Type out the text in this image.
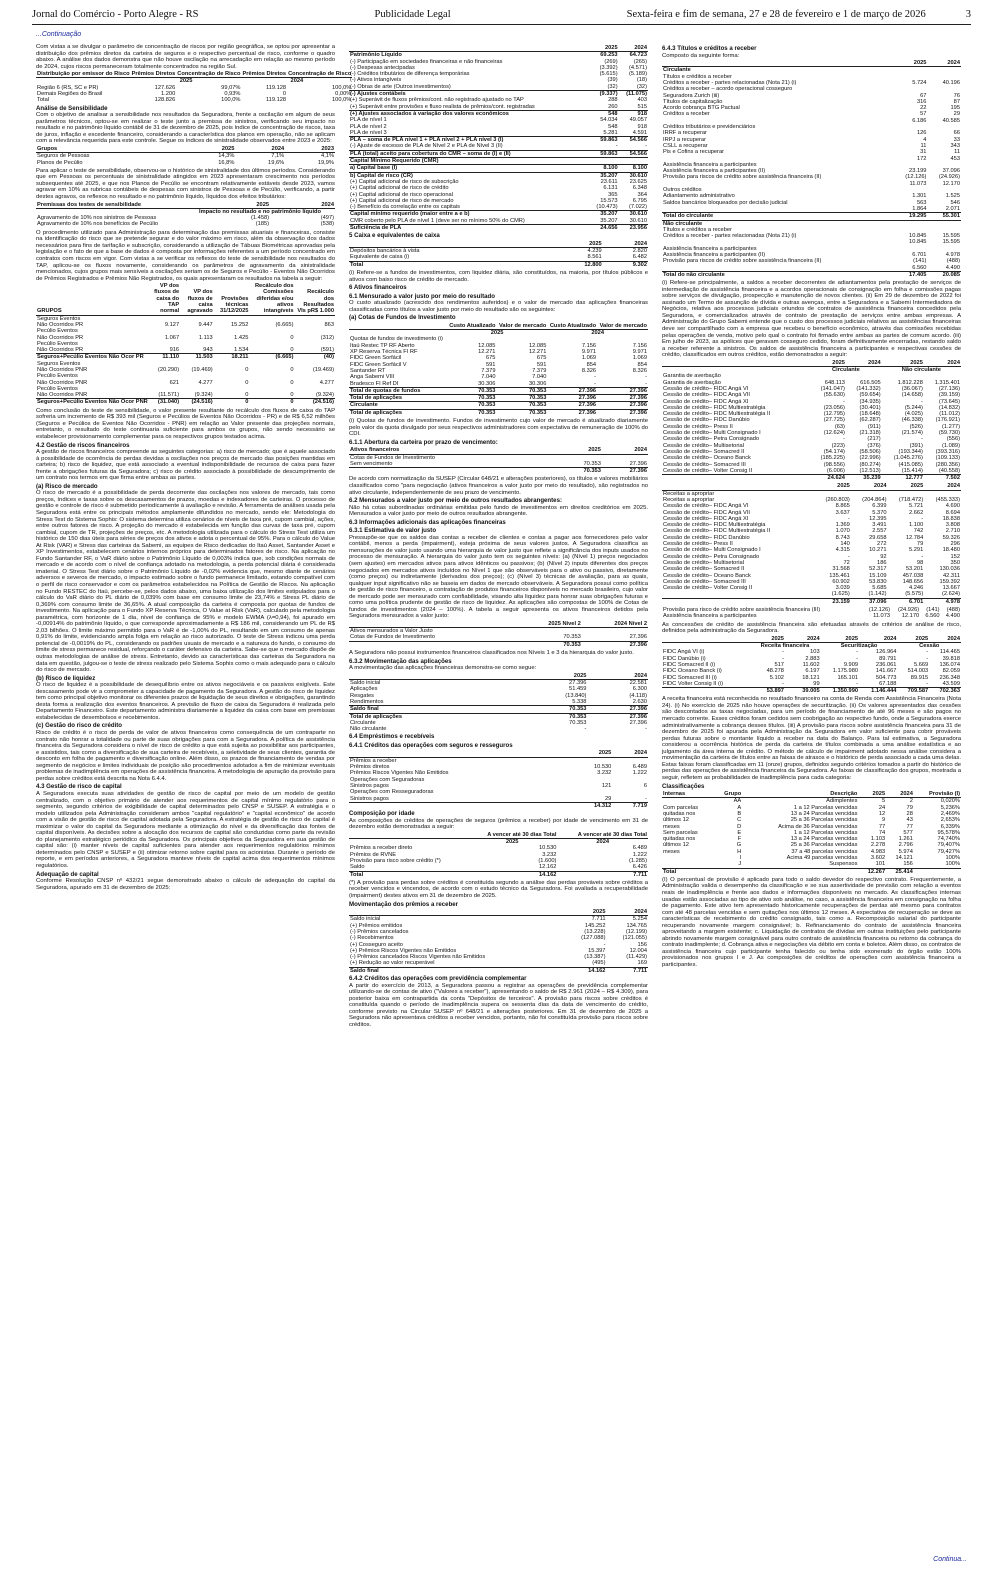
Jornal do Comércio - Porto Alegre - RS	Publicidade Legal	Sexta-feira e fim de semana, 27 e 28 de fevereiro e 1 de março de 2026	3
...Continuação

Com vistas a se divulgar o parâmetro de concentração de riscos por região geográfica, se optou por apresentar a distribuição dos prêmios diretos da carteira de seguros e o respectivo percentual de risco, conforme o quadro abaixo. A análise dos dados demonstra que não houve oscilação na arrecadação em relação ao mesmo período de 2024, cujos riscos permaneceram totalmente concentrados na região Sul.

	2025		2024	
Distribuição por emissor do Risco	Prêmios Diretos	Concentração de Risco	Prêmios Diretos	Concentração de Risco
Região 6 (RS, SC e PR)	127.626	99,07%	119.128	100,0%
Demais Regiões do Brasil	1.200	0,93%	0	0,00%
Total	128.826	100,0%	119.128	100,0%
Análise de Sensibilidade

Com o objetivo de analisar a sensibilidade nos resultados da Seguradora, frente a oscilação em algum de seus parâmetros técnicos, optou-se em realizar o teste junto a premissa de sinistros, verificando seu impacto no resultado e no patrimônio líquido contábil de 31 de dezembro de 2025, pois índice de concentração de riscos, taxa de juros, inflação e excedente financeiro, considerando a característica dos planos em operação, não se aplicam com a relevância requerida para este controle. Segue os índices de sinistralidade observados entre 2023 e 2025:

Grupos	2025	2024	2023
Seguros de Pessoas	14,3%	7,1%	4,1%
Planos de Pecúlio	16,8%	19,6%	19,9%

Para aplicar o teste de sensibilidade, observou-se o histórico de sinistralidade dos últimos períodos. Considerando que em Pessoas os percentuais de sinistralidade atingidos em 2023 apresentaram crescimento nos períodos subsequentes até 2025, e que nos Planos de Pecúlio se encontram relativamente estáveis desde 2023, vamos agravar em 10% as rubricas contábeis de despesas com sinistros de Pessoas e de Pecúlio, verificando, a partir destes agravos, os reflexos no resultado e no patrimônio líquido, líquidos dos efeitos tributários:

	Impacto no resultado e no patrimônio líquido	
Premissas dos testes de sensibilidade	2025	2024
Agravamento de 10% nos sinistros de Pessoas	(1.458)	(497)
Agravamento de 10% nos benefícios de Pecúlio	(185)	(538)

O procedimento utilizado para Administração para determinação das premissas atuariais e financeiras, consiste na identificação do risco que se pretende segurar e do valor máximo em risco, além da observação dos dados necessários para fins de tarifação e subscrição, considerando a utilização de Tábuas Biométricas aprovadas pela legislação e o fato de que a base de dados é composta por informações referentes a um período concentrado em contratos com riscos em vigor. Com vistas a se verificar os reflexos do teste de sensibilidade nos resultados do TAP, aplicou-se os fluxos novamente, considerando os parâmetros de agravamento da sinistralidade mencionados, cujos grupos mais sensíveis a oscilações seriam os de Seguros e Pecúlio - Eventos Não Ocorridos de Prêmios Registrados e Prêmios Não Registrados, os quais apresentaram os resultados na tabela a seguir:

GRUPOS	VP dos fluxos de caixa do TAP normal	VP dos fluxos de caixa agravado	Provisões técnicas 31/12/2025	Recálculo dos Comissões diferidas e/ou ativos intangíveis	Recálculo dos Resultados VIs pR$ 1.000
Seguros Eventos					
Não Ocorridos PR	9.127	9.447	15.252	(6.665)	863
Pecúlio Eventos					
Não Ocorridos PR	1.067	1.113	1.425	0	(312)
Pecúlio Eventos					
Não Ocorridos PR	916	943	1.534	0	(591)
Seguros+Pecúlio Eventos Não Ocor PR	11.110	11.503	18.211	(6.665)	(40)
Seguros Eventos					
Não Ocorridos PNR	(20.290)	(19.469)	0	0	(19.469)
Pecúlio Eventos					
Não Ocorridos PNR	621	4.277	0	0	4.277
Pecúlio Eventos					
Não Ocorridos PNR	(11.571)	(9.324)	0	0	(9.324)
Seguros+Pecúlio Eventos Não Ocor PNR	(31.040)	(24.516)	0	0	(24.516)

Como conclusão do teste de sensibilidade, o valor presente resultante do recálculo dos fluxos de caixa do TAP sofreria um incremento de R$ 393 mil (Seguros e Pecúlios de Eventos Não Ocorridos - PR) e de R$ 6,52 milhões (Seguros e Pecúlios de Eventos Não Ocorridos - PNR) em relação ao Valor presente das projeções normais, entretanto, o resultado do teste continuaria suficiente para ambos os grupos, não sendo necessário se estabelecer provisionamento complementar para os respectivos grupos testados acima.

4.2 Gestão de riscos financeiros

A gestão de riscos financeiros compreende as seguintes categorias: a) risco de mercado; que é aquele associado à possibilidade de ocorrência de perdas devidas a oscilações nos preços de mercado das posições mantidas em carteira; b) risco de liquidez, que está associado a eventual indisponibilidade de recursos de caixa para fazer frente a obrigações futuras da Seguradora; c) risco de crédito associado à possibilidade de descumprimento de um contrato nos termos em que firma entre ambas as partes.

(a) Risco de mercado

O risco de mercado é a possibilidade de perda decorrente das oscilações nos valores de mercado, tais como preços, índices e taxas sobre os descasamentos de prazos, moedas e indexadores de carteiras. O processo de gestão e controle de risco é submetido periodicamente à avaliação e revisão. A ferramenta de análises usada pela Seguradora está entre os principais métodos amplamente difundidos no mercado, sendo ele: Metodologia do Stress Test do Sistema Sophis: O sistema determina utiliza cenários de níveis de taxa pré, cupom cambial, ações, entre outros fatores de risco. A projeção do mercado é estabelecida em função das curvas de taxa pré, cupom cambial, cupom de TR, projeções de preços, etc. A metodologia utilizada para o cálculo do Stress Test utiliza um histórico de 150 dias úteis para séries de preços dos ativos e adota o percentual de 95%. Para o cálculo do Value At Risk (VAR) e Stress das carteiras da Sabemi, as equipes de Risco dedicadas do Itaú Asset, Santander Asset e XP Investimentos, estabelecem cenários internos próprios para determinados fatores de risco. Na aplicação no Fundo Santander RF, o VaR diário sobre o Patrimônio Líquido de 0,003% indica que, sob condições normais de mercado e de acordo com o nível de confiança adotado na metodologia, a perda potencial diária é considerada imaterial. O Stress Test diário sobre o Patrimônio Líquido de -0,02% evidencia que, mesmo diante de cenários adversos e severos de mercado, o impacto estimado sobre o fundo permanece limitado, estando compatível com o perfil de risco conservador e com os parâmetros estabelecidos na Política de Gestão de Riscos. Na aplicação no Fundo RESTEC do Itaú, percebe-se, pelos dados abaixo, uma baixa utilização dos limites estipulados para o cálculo do VaR diário do PL diário de 0,039% com base em consumo limite de 23,74% e Stress PL diário de 0,369% com consumo limite de 36,65%. A atual composição da carteira é composta por quotas de fundos de investimento. Na aplicação para o Fundo XP Reserva Técnica, O Value at Risk (VaR), calculado pela metodologia paramétrica, com horizonte de 1 dia, nível de confiança de 95% e modelo EWMA (λ=0,94), foi apurado em -0,00914% do patrimônio líquido, o que corresponde aproximadamente a R$ 186 mil, considerando um PL de R$ 2,03 bilhões. O limite máximo permitido para o VaR é de -1,00% do PL, resultando em um consumo de apenas 0,91% do limite, evidenciando ampla folga em relação ao risco autorizado. O teste de Stress indicou uma perda potencial de -0,0019% do PL, considerando os padrões usuais de mercado e a natureza do fundo, o consumo do limite de stress permanece residual, reforçando o caráter defensivo da carteira. Sabe-se que o mercado dispõe de outras metodologias de análise de stress. Entretanto, devido as características das carteiras da Seguradora na data em questão, julgou-se o teste de stress realizado pelo Sistema Sophis como o mais adequado para o cálculo do risco de mercado.

(b) Risco de liquidez

O risco de liquidez é a possibilidade de desequilíbrio entre os ativos negociáveis e os passivos exigíveis. Este descasamento pode vir a comprometer a capacidade de pagamento da Seguradora. A gestão do risco de liquidez tem como principal objetivo monitorar os diferentes prazos de liquidação de seus direitos e obrigações, garantindo desta forma a realização dos eventos financeiros. A previsão de fluxo de caixa da Seguradora é realizada pelo Departamento Financeiro. Este departamento administra diariamente a liquidez da caixa com base em premissas estabelecidas de desembolsos e recebimentos.

(c) Gestão do risco de crédito

Risco de crédito é o risco de perda de valor de ativos financeiros como consequência de um contraparte no contrato não honrar a totalidade ou parte de suas obrigações para com a Seguradora. A política de assistência financeira da Seguradora considera o nível de risco de crédito a que está sujeita ao possibilitar aos participantes, e assistidos, tais como a diversificação de sua carteira de recebíveis, a seletividade de seus clientes, garantia de desconto em folha de pagamento e diversificação online. Além disso, os prazos de financiamento de vendas por segmento de negócios e limites individuais de posição são procedimentos adotados a fim de minimizar eventuais problemas de inadimplência em operações de assistência financeira. A metodologia de apuração da provisão para perdas sobre créditos está descrita na Nota 6.4.4.

4.3 Gestão de risco de capital

A Seguradora executa suas atividades de gestão de risco de capital por meio de um modelo de gestão centralizado, com o objetivo primário de atender aos requerimentos de capital mínimo regulatório para o segmento, segundo critérios de exigibilidade de capital determinados pelo CNSP e SUSEP. A estratégia e o modelo utilizados pela Administração consideram ambos "capital regulatório" e "capital econômico" de acordo com a visão de gestão de risco de capital adotada pela Seguradora. A estratégia de gestão de risco de capital é maximizar o valor do capital da Seguradora mediante a otimização do nível e da diversificação das fontes de capital disponíveis. As decisões sobre a alocação dos recursos de capital são conduzidas como parte da revisão do planejamento estratégico periódico da Seguradora. Os principais objetivos da Seguradora em sua gestão de capital são: (i) manter níveis de capital suficientes para atender aos requerimentos regulatórios mínimos determinados pelo CNSP e SUSEP e (ii) otimizar retorno sobre capital para os acionistas. Durante o período de reporte, e em períodos anteriores, a Seguradora manteve níveis de capital acima dos requerimentos mínimos regulatórios.

Adequação de capital

Conforme Resolução CNSP nº 432/21 segue demonstrado abaixo o cálculo de adequação do capital da Seguradora, apurado em 31 de dezembro de 2025:

	2025	2024
Patrimônio Líquido	69.253	64.723
(-) Participação em sociedades financeiras e não financeiras	(269)	(265)
(-) Despesas antecipadas	(3.392)	(4.571)
(-) Créditos tributários de diferença temporárias	(5.615)	(5.189)
(-) Ativos intangíveis	(39)	(18)
(-) Obras de arte (Outros investimentos)	(32)	(32)
(-) Ajustes contábeis	(9.337)	(11.075)
(+) Superávit de fluxos prêmios/cont. não registrado ajustado no TAP	288	403
(+) Superávit entre provisões e fluxo realista de prêmios/cont. registradas	260	515
(+) Ajustes associados à variação dos valores econômicos	548	918
PLA de nível 1	54.034	49.057
PLA de nível 2	548	918
PLA de nível 3	5.281	4.591
PLA – soma de PLA nível 1 + PLA nível 2 + PLA nível 3 (I)	59.863	54.566
(-) Ajuste de excesso de PLA de Nível 2 e PLA de Nível 3 (II)	-	-
PLA (total) aceito para cobertura do CMR – soma de (I) e (II)	59.863	54.566
Capital Mínimo Requerido (CMR)		
a) Capital base (I)	8.100	8.100
b) Capital de risco (CR)	35.207	30.610
(+) Capital adicional de risco de subscrição	23.611	23.625
(+) Capital adicional de risco de crédito	6.131	6.348
(+) Capital adicional de risco operacional	365	364
(+) Capital adicional de risco de mercado	15.573	6.795
(-) Benefício da correlação entre os capitais	(10.473)	(7.022)
Capital mínimo requerido (maior entre a e b)	35.207	30.610
CMR coberto pelo PLA de nível 1 (deve ser no mínimo 50% do CMR)	35.207	30.610
Suficiência de PLA	24.656	23.956
5 Caixa e equivalentes de caixa
	2025	2024
Depósitos bancários à vista	4.239	2.820
Equivalente de caixa (i)	8.561	6.482
Total	12.800	9.302

(i) Refere-se a fundos de investimentos, com liquidez diária, são constituídos, na maioria, por títulos públicos e ativos com baixo risco de crédito de mercado.

6 Ativos financeiros
6.1 Mensurado a valor justo por meio do resultado

O custo atualizado (acrescido dos rendimentos auferidos) e o valor de mercado das aplicações financeiras classificadas como títulos a valor justo por meio do resultado são os seguintes:

(a) Cotas de Fundos de Investimento
	2025		2024	
	Custo Atualizado	Valor de mercado	Custo Atualizado	Valor de mercado
Quotas de fundos de investimento (i)				
Itaú Restec TP RF Aberto	12.085	12.085	7.156	7.156
XP Reserva Técnica FI RF	12.271	12.271	9.971	9.971
FIDC Green Sorfácil	675	675	1.069	1.069
FIDC Green Sorfácil V	591	591	854	854
Santander RT	7.379	7.379	8.326	8.326
Anga Sabemi VIII	7.040	7.040	-	-
Bradesco FI Ref DI	30.306	30.306	-	-
Total de quotas de fundos	70.353	70.353	27.396	27.396
Total de aplicações	70.353	70.353	27.396	27.396
Circulante	70.353	70.353	27.396	27.396
Total de aplicações	70.353	70.353	27.396	27.396

(i) Quotas de fundos de investimento. Fundos de investimento cujo valor de mercado é atualizado diariamente pelo valor da quota divulgado por seus respectivos administradores com expectativa de remuneração de 100% do CDI.

6.1.1 Abertura da carteira por prazo de vencimento:
Ativos financeiros	2025	2024
Cotas de Fundos de Investimento		
Sem vencimento	70.353	27.396
	70.353	27.396

De acordo com normatização da SUSEP (Circular 648/21 e alterações posteriores), os títulos e valores mobiliários classificados como "para negociação (ativos financeiros a valor justo por meio do resultado), são registrados no ativo circulante, independentemente de seu prazo de vencimento.

6.2 Mensurados a valor justo por meio de outros resultados abrangentes:

Não há cotas subordinadas ordinárias emitidas pelo fundo de investimentos em direitos creditórios em 2025. Mensurados a valor justo por meio de outros resultados abrangente.

6.3 Informações adicionais das aplicações financeiras
6.3.1 Estimativa de valor justo

Pressupõe-se que os saldos das contas a receber de clientes e contas a pagar aos fornecedores pelo valor contábil, menos a perda (impairment), esteja próxima de seus valores justos. A Seguradora classifica as mensurações de valor justo usando uma hierarquia de valor justo que reflete a significância dos inputs usados no processo de mensuração. A hierarquia do valor justo tem os seguintes níveis: (a) (Nível 1) preços negociados (sem ajustes) em mercados ativos para ativos idênticos ou passivos; (b) (Nível 2) inputs diferentes dos preços negociados em mercados ativos incluídos no Nível 1 que são observáveis para o ativo ou passivo, diretamente (como preços) ou indiretamente (derivados dos preços); (c) (Nível 3) técnicas de avaliação, para as quais, qualquer input significativo não se baseia em dados de mercado observáveis. A Seguradora possui como política de gestão de risco financeiro, a contratação de produtos financeiros disponíveis no mercado brasileiro, cujo valor de mercado pode ser mensurado com confiabilidade, visando alta liquidez para honrar suas obrigações futuras e como uma política prudente de gestão de risco de liquidez. As aplicações são compostas de 100% de Cotas de fundos de investimentos (2024 – 100%). A tabela a seguir apresenta os ativos financeiros detidos pela Seguradora mensurados a valor justo:

	2025 Nível 2	2024 Nível 2
Ativos mensurados a Valor Justo		
Cotas de Fundos de Investimento	70.353	27.396
	70.353	27.396

A Seguradora não possui instrumentos financeiros classificados nos Níveis 1 e 3 da hierarquia do valor justo.

6.3.2 Movimentação das aplicações

A movimentação das aplicações financeiras demonstra-se como segue:

	2025	2024
Saldo inicial	27.396	22.581
Aplicações	51.459	6.300
Resgates	(13.840)	(4.118)
Rendimentos	5.338	2.630
Saldo final	70.353	27.396
Total de aplicações	70.353	27.396
Circulante	70.353	27.396
Não circulante	-	-
6.4 Empréstimos e recebíveis
6.4.1 Créditos das operações com seguros e resseguros
	2025	2024
Prêmios a receber		
Prêmios diretos	10.530	6.489
Prêmios Riscos Vigentes Não Emitidos	3.232	1.222
Operações com Seguradoras		
Sinistros pagos	121	6
Operações com Resseguradoras		
Sinistros pagos	29	-
	14.312	7.719
Composição por idade

As composições de créditos de operações de seguros (prêmios a receber) por idade de vencimento em 31 de dezembro estão demonstradas a seguir:

	2025	2024
	A vencer até 30 dias Total	A vencer até 30 dias Total
Prêmios a receber direto	10.530	6.489
Prêmios de RVNE	3.232	1.222
Provisão para risco sobre crédito (*)	(1.600)	(1.285)
Saldo	12.162	6.426
Total	14.162	7.711

(*) A provisão para perdas sobre créditos é constituída segundo a análise das perdas prováveis sobre créditos a receber vencidos e vincendos, de acordo com o estudo técnico da Seguradora. Foi avaliada a recuperabilidade (impairment) destes ativos em 31 de dezembro de 2025.

Movimentação dos prêmios a receber
	2025	2024
Saldo inicial	7.711	5.254
(+) Prêmios emitidos	145.252	134.765
(-) Prêmios cancelados	(13.228)	(12.199)
(-) Recebimentos	(127.088)	(121.055)
(+) Cosseguro aceito	-	156
(+) Prêmios Riscos Vigentes não Emitidos	15.397	12.004
(-) Prêmios cancelados Riscos Vigentes não Emitidos	(13.387)	(11.429)
(+) Redução ao valor recuperável	(495)	169
Saldo final	14.162	7.711
6.4.2 Créditos das operações com previdência complementar

A partir do exercício de 2013, a Seguradora passou a registrar as operações de previdência complementar utilizando-se de contas de ativo ("Valores a receber"), apresentando o saldo de R$ 2.961 (2024 – R$ 4.309), para posterior baixa em contrapartida da conta "Depósitos de terceiros". A provisão para riscos sobre créditos é constituída quando o período de inadimplência supera os sessenta dias da data de vencimento do crédito, conforme previsto na Circular SUSEP nº 648/21 e alterações posteriores. Em 31 de dezembro de 2025 a Seguradora não apresentava créditos a receber vencidos, portanto, não foi constituída provisão para riscos sobre créditos.

6.4.3 Títulos e créditos a receber

Composto da seguinte forma:

	2025	2024
Circulante		
Títulos e créditos a receber		
Créditos a receber - partes relacionadas (Nota 21) (i)	5.724	40.196
Créditos a receber – acordo operacional cosseguro		
Seguradora Zurich (iii)	67	76
Títulos de capitalização	316	87
Acordo cobrança BTG Pactual	22	195
Créditos a receber	57	29
	6.186	40.585
Créditos tributários e previdenciários		
IRRF a recuperar	126	66
IRPJ a recuperar	4	33
CSLL a recuperar	11	343
Pis e Cofins a recuperar	31	11
	172	453
Assistência financeira a participantes		
Assistência financeira a participantes (II)	23.199	37.096
Provisão para riscos de crédito sobre assistência financeira (II)	(12.126)	(24.926)
	11.073	12.170
Outros créditos		
Adiantamento administrativo	1.301	1.525
Saldos bancários bloqueados por decisão judicial	563	546
	1.864	2.071
Total do circulante	19.295	55.301
Não circulante		
Títulos e créditos a receber		
Créditos a receber - partes relacionadas (Nota 21) (i)	10.845	15.595
	10.845	15.595
Assistência financeira a participantes		
Assistência financeira a participantes (II)	6.701	4.978
Provisão para riscos de crédito sobre assistência financeira (II)	(141)	(488)
	6.560	4.490
Total do não circulante	17.405	20.085

(i) Refere-se principalmente, a saldos a receber decorrentes de adiantamentos pela prestação de serviços de intermediação de assistência financeira e a acordos operacionais de consignação em folha e comissões pagas sobre serviços de divulgação, prospecção e manutenção de novos clientes. (ii) Em 29 de dezembro de 2022 foi assinado um Termo de assunção de dívida e outras avenças, entre a Seguradora e a Sabemi Intermediadora de Negócios, relativa aos processos judiciais oriundos de contratos de assistência financeira concedidos pela Seguradora, e comercializados através de contrato de prestação de serviços entre ambas empresas. A Administração do Grupo Sabemi entende que o custo dos processos judiciais relativos as assistências financeiras deve ser compartilhado com a empresa que recebeu o benefício econômico, através das comissões recebidas pelas operações de venda, motivo pelo qual o contrato foi firmado entre ambas as partes de comum acordo. (iii) Em julho de 2023, as apólices que geravam cosseguro cedido, foram definitivamente encerradas, restando saldo a receber referente a sinistros. Os saldos de assistência financeira a participantes e respectivas cessões de crédito, classificados em outros créditos, estão demonstrados a seguir:

	Circulante		Não circulante	
	2025	2024	2025	2024
Garantia de averbação				
Garantia de averbação	648.113	616.505	1.812.228	1.315.401
Cessão de crédito– FIDC Angá VI	(141.047)	(141.332)	(36.067)	(27.136)
Cessão de crédito– FIDC Angá VII	(55.630)	(59.654)	(14.658)	(39.159)
Cessão de crédito– FIDC Angá XI	-	(34.935)	-	(73.645)
Cessão de crédito– FIDC Multiestratégia	(23.056)	(30.401)	(5.244)	(14.832)
Cessão de crédito– FIDC Multiestratégia II	(12.795)	(18.648)	(4.025)	(11.012)
Cessão de crédito– FIDC Danúbio	(27.725)	(62.287)	(46.338)	(176.921)
Cessão de crédito– Press II	(63)	(911)	(526)	(1.277)
Cessão de crédito– Multi Consignado I	(12.624)	(21.318)	(21.574)	(59.730)
Cessão de crédito– Petra Consignado	-	(217)	-	(556)
Cessão de crédito– Multisetorial	(223)	(376)	(391)	(1.089)
Cessão de crédito– Somacred II	(54.174)	(58.506)	(193.344)	(393.316)
Cessão de crédito– Oceano Banck	(185.225)	(22.996)	(1.045.276)	(109.133)
Cessão de crédito– Somacred III	(98.556)	(80.274)	(415.085)	(280.356)
Cessão de crédito– Volter Consig II	(6.006)	(12.513)	(15.414)	(40.558)
	24.624	35.239	12.777	7.502
	2025	2024	2025	2024
Receitas a apropriar				
Receitas a apropriar	(260.803)	(204.864)	(718.472)	(455.333)
Cessão de crédito– FIDC Angá VI	8.865	6.399	5.721	4.690
Cessão de crédito– FIDC Angá VII	3.637	5.370	2.662	8.694
Cessão de crédito– FIDC Angá XI	-	12.395	-	18.838
Cessão de crédito– FIDC Multiestratégia	1.369	3.491	1.100	3.808
Cessão de crédito– FIDC Multiestratégia II	1.070	2.557	742	2.710
Cessão de crédito– FIDC Danúbio	8.743	29.658	12.784	59.326
Cessão de crédito– Press II	140	272	79	296
Cessão de crédito– Multi Consignado I	4.315	10.271	5.291	18.480
Cessão de crédito– Petra Consignado	-	92	-	152
Cessão de crédito– Multisetorial	72	186	98	350
Cessão de crédito– Somacred II	31.568	52.317	53.201	130.036
Cessão de crédito– Oceano Banck	135.461	15.109	457.038	42.311
Cessão de crédito– Somacred III	60.902	53.830	148.656	159.392
Cessão de crédito– Volter Consig II	3.039	5.685	4.246	13.667
	(1.625)	(1.142)	(5.575)	(2.624)
	23.159	37.096	6.701	4.978
Provisão para risco de crédito sobre assistência financeira (III)	(12.126)	(24.926)	(141)	(488)
Assistência financeira a participantes	11.073	12.170	6.560	4.490

As concessões de crédito de assistência financeira são efetuadas através de critérios de análise de risco, definidos pela administração da Seguradora.

	Receita financeira		Securitização		Cessão	
	2025	2024	2025	2024	2025	2024
FIDC Angá VI (i)	-	103	-	126.964	-	114.465
FIDC Danúbio (i)	-	2.883	-	89.791	-	39.818
FIDC Somacred II (i)	517	11.602	9.909	236.061	5.669	136.074
FIDC Oceano Banck (i)	48.278	6.197	1.175.980	141.667	514.003	82.059
FIDC Somacred III (i)	5.102	18.121	165.101	504.773	89.915	236.348
FIDC Volter Consig II (i)	-	99	-	67.188	-	43.599
	53.897	39.005	1.350.990	1.146.444	709.587	702.363

A receita financeira está reconhecida no resultado financeiro na conta de Renda com Assistência Financeira (Nota 24). (i) No exercício de 2025 não houve operações de securitização. (ii) Os valores apresentados das cessões são descontados as taxas negociadas, para um período de financiamento de até 96 meses e são pagos no mercado corrente. Esses créditos foram cedidos sem coobrigação ao respectivo fundo, onde a Seguradora exerce administrativamente a cobrança desses títulos. (iii) A provisão para riscos sobre assistência financeira para 31 de dezembro de 2025 foi apurada pela Administração da Seguradora em valor suficiente para cobrir prováveis perdas futuras sobre o montante líquido a receber na data do Balanço. Para tal estimativa, a Seguradora considerou a ocorrência histórica de perda da carteira de títulos combinada a uma análise estatística e ao julgamento da área interna de crédito. O método de cálculo de impairment adotado nessa análise considera a movimentação da carteira de títulos entre as faixas de atrasos e o histórico de perda associado a cada uma delas. Estas faixas foram classificadas em 11 (onze) grupos, definidos segundo critérios tomados a partir do histórico de perdas das operações de assistência financeira da Seguradora. As faixas de classificação dos grupos, mostrada a seguir, refletem as probabilidades de inadimplência para cada categoria:

Classificações
Internas	Grupo	Descrição	2025	2024	Provisão (I)
	AA	Adimplentes	5	2	0,020%
Com parcelas	A	1 a 12 Parcelas vencidas	24	79	5,236%
quitadas nos	B	13 a 24 Parcelas vencidas	12	28	2,469%
últimos 12	C	25 a 36 Parcelas vencidas	9	43	2,653%
meses	D	Acima de 36 Parcelas vencidas	77	77	6,339%
Sem parcelas	E	1 a 12 Parcelas vencidas	74	577	95,578%
quitadas nos	F	13 a 24 Parcelas vencidas	1.103	1.261	74,740%
últimos 12	G	25 a 36 Parcelas vencidas	2.278	2.796	79,407%
meses	H	37 a 48 parcelas vencidas	4.983	5.974	79,427%
	I	Acima 49 parcelas vencidas	3.602	14.121	100%
	J	Suspensos	101	156	100%
Total			12.267	25.414	

(I) O percentual de provisão é aplicado para todo o saldo devedor do respectivo contrato. Frequentemente, a Administração valida o desempenho da classificação e se sua assertividade de previsão com relação a eventos reais de inadimplência e frente aos dados e informações disponíveis no mercado. As classificações internas usadas estão associadas ao tipo de ativo sob análise, no caso, a assistência financeira em consignação na folha de pagamento. Este ativo tem apresentado historicamente recuperações de perdas até mesmo para contratos com até 48 parcelas vencidas e sem quitações nos últimos 12 meses. A expectativa de recuperação se deve as características de recebimento do crédito consignado, tais como a. Recomposição salarial do participante recuperando novamente margem consignável; b. Refinanciamento do contrato de assistência financeira aproveitando a margem existente; c. Liquidação de contratos de dívidas em outras instituições pelo participante abrindo novamente margem consignável para outro contrato de assistência financeira ou retorno da cobrança do contrato inadimplente; d. Cobrança ativa e negociações via débito em conta e boletos. Além disso, os contratos de assistência financeira cujo participante tenha falecido ou tenha sido exonerado do órgão estão 100% provisionados nos grupos I e J. As composições de créditos de operações com assistência financeira a participantes.

Continua...
